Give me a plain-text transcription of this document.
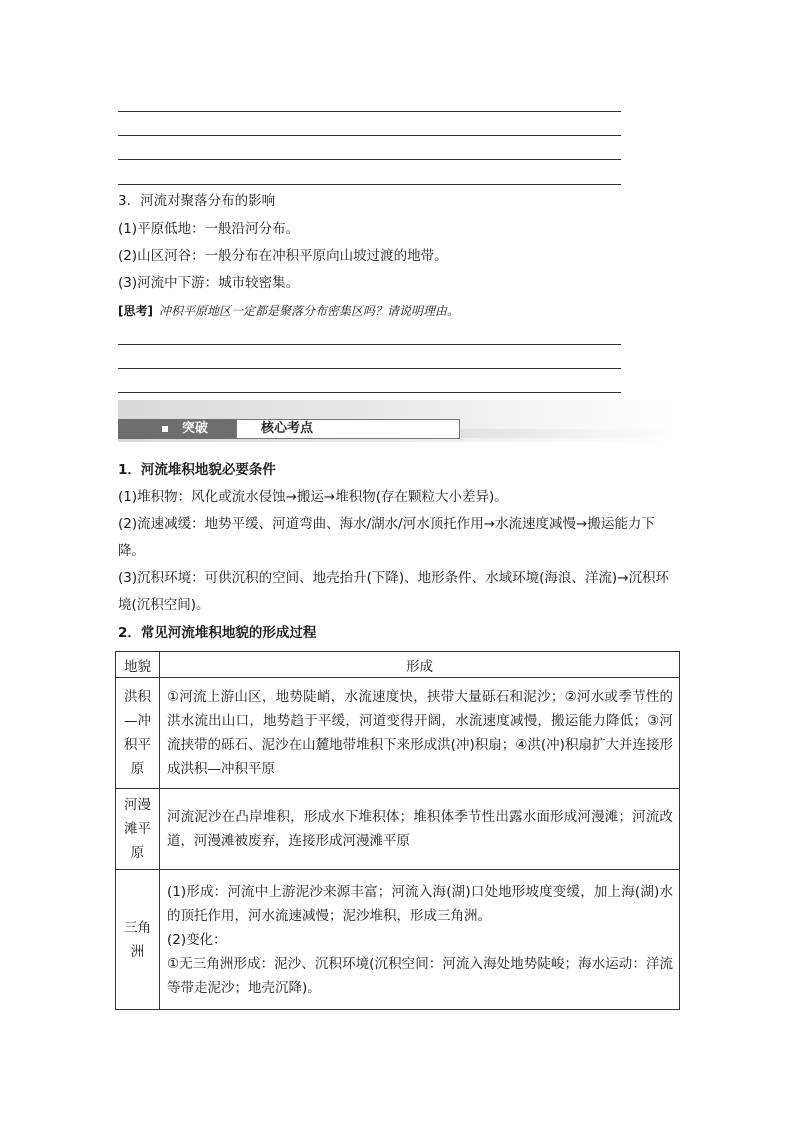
3．河流对聚落分布的影响
(1)平原低地：一般沿河分布。
(2)山区河谷：一般分布在冲积平原向山坡过渡的地带。
(3)河流中下游：城市较密集。
[思考] 冲积平原地区一定都是聚落分布密集区吗？请说明理由。
突破	核心考点
1．河流堆积地貌必要条件
(1)堆积物：风化或流水侵蚀→搬运→堆积物(存在颗粒大小差异)。
(2)流速减缓：地势平缓、河道弯曲、海水/湖水/河水顶托作用→水流速度减慢→搬运能力下降。
(3)沉积环境：可供沉积的空间、地壳抬升(下降)、地形条件、水域环境(海浪、洋流)→沉积环境(沉积空间)。
2．常见河流堆积地貌的形成过程
地貌	形成

洪积
—冲
积平
原	①河流上游山区，地势陡峭，水流速度快，挟带大量砾石和泥沙；②河水或季节性的洪水流出山口，地势趋于平缓，河道变得开阔，水流速度减慢，搬运能力降低；③河流挟带的砾石、泥沙在山麓地带堆积下来形成洪(冲)积扇；④洪(冲)积扇扩大并连接形成洪积—冲积平原

河漫
滩平
原	河流泥沙在凸岸堆积，形成水下堆积体；堆积体季节性出露水面形成河漫滩；河流改道，河漫滩被废弃，连接形成河漫滩平原

三角
洲	(1)形成：河流中上游泥沙来源丰富；河流入海(湖)口处地形坡度变缓，加上海(湖)水的顶托作用，河水流速减慢；泥沙堆积，形成三角洲。
(2)变化：
①无三角洲形成：泥沙、沉积环境(沉积空间：河流入海处地势陡峻；海水运动：洋流等带走泥沙；地壳沉降)。
